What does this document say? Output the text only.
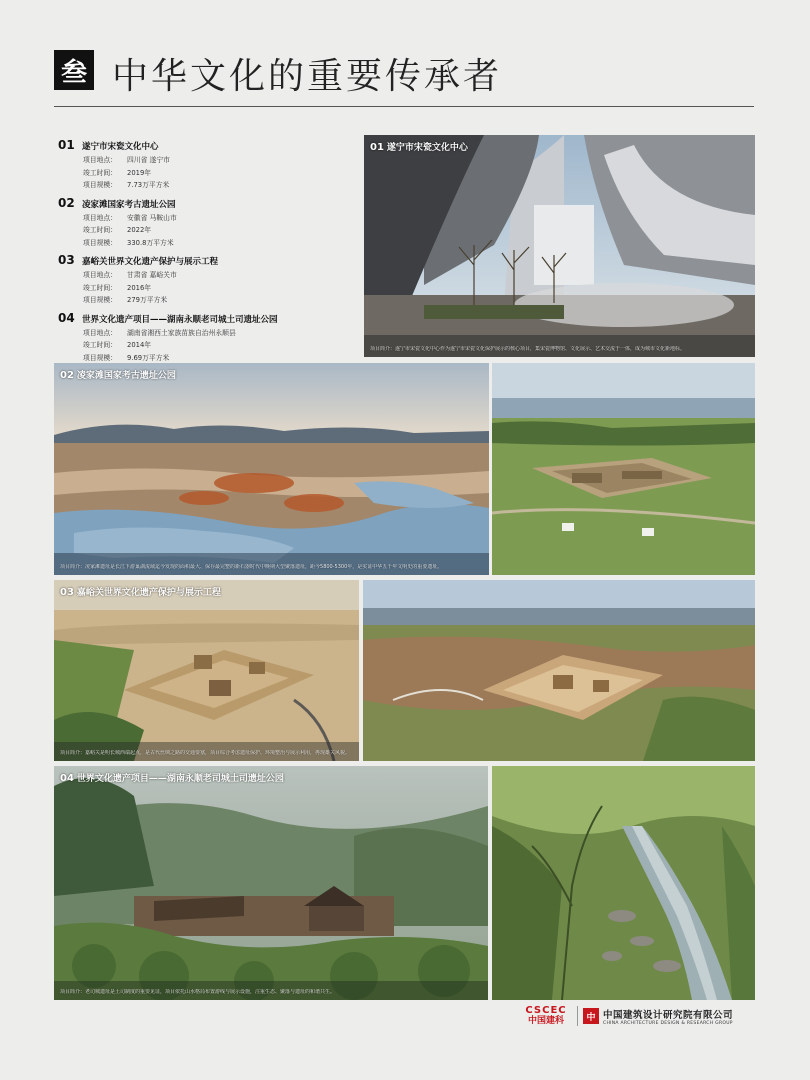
叁 中华文化的重要传承者
01 遂宁市宋瓷文化中心
项目地点： 四川省 遂宁市
竣工时间： 2019年
项目规模： 7.73万平方米
02 凌家滩国家考古遗址公园
项目地点： 安徽省 马鞍山市
竣工时间： 2022年
项目规模： 330.8万平方米
03 嘉峪关世界文化遗产保护与展示工程
项目地点： 甘肃省 嘉峪关市
竣工时间： 2016年
项目规模： 279万平方米
04 世界文化遗产项目——湖南永顺老司城土司遗址公园
项目地点： 湖南省湘西土家族苗族自治州永顺县
竣工时间： 2014年
项目规模： 9.69万平方米
01 遂宁市宋瓷文化中心
项目简介：遂宁市宋瓷文化中心作为遂宁市宋瓷文化保护展示的核心项目，集宋瓷博物馆、文化展示、艺术交流于一体，成为城市文化新地标。
02 凌家滩国家考古遗址公园
项目简介：凌家滩遗址是长江下游巢湖流域迄今发现的面积最大、保存最完整的新石器时代中晚期大型聚落遗址，距今5800-5300年，是实证中华五千年文明史的重要遗址。
03 嘉峪关世界文化遗产保护与展示工程
项目简介：嘉峪关是明长城西端起点，是古代丝绸之路的交通要塞，项目综合考虑遗址保护、环境整治与展示利用，再现雄关风貌。
04 世界文化遗产项目——湖南永顺老司城土司遗址公园
项目简介：老司城遗址是土司制度的重要见证，项目依托山水格局布置游线与展示设施，注重生态、聚落与遗址的和谐共生。
CSCEC
中国建科	中 中国建筑设计研究院有限公司
CHINA ARCHITECTURE DESIGN & RESEARCH GROUP
